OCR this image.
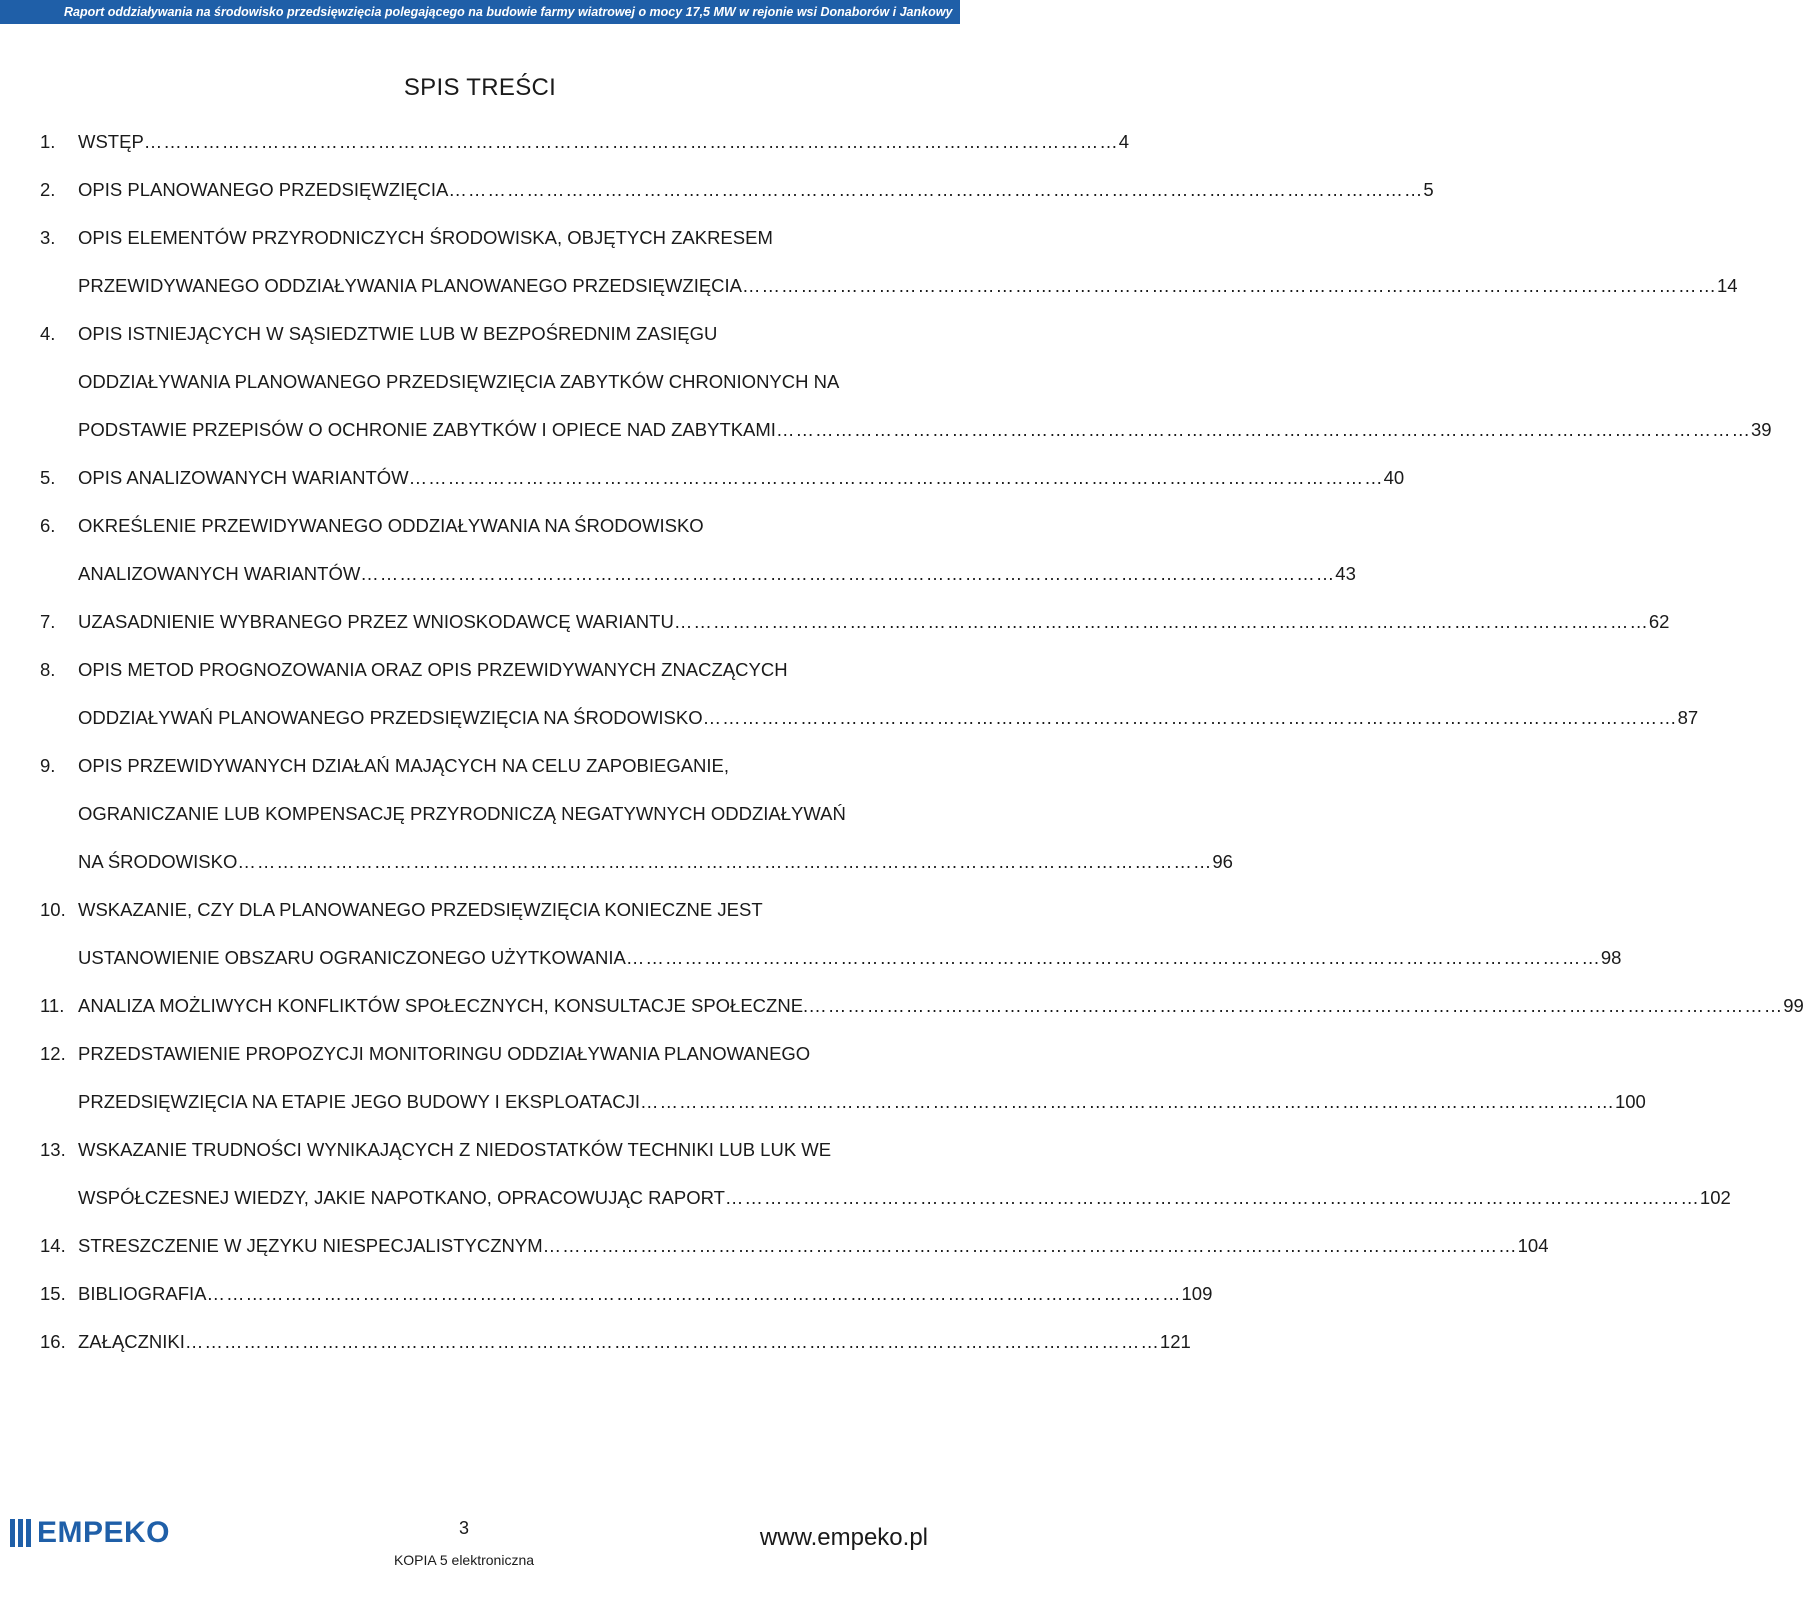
Raport oddziaływania na środowisko przedsięwzięcia polegającego na budowie farmy wiatrowej o mocy 17,5 MW w rejonie wsi Donaborów i Jankowy
SPIS TREŚCI
1.	WSTĘP ……………………………………………………………………………………………………………………………………	4
2.	OPIS PLANOWANEGO PRZEDSIĘWZIĘCIA ……………………………………………………………………………………………………………………………………	5
3.	OPIS ELEMENTÓW PRZYRODNICZYCH ŚRODOWISKA, OBJĘTYCH ZAKRESEM
PRZEWIDYWANEGO ODDZIAŁYWANIA PLANOWANEGO PRZEDSIĘWZIĘCIA ……………………………………………………………………………………………………………………………………	14
4.	OPIS ISTNIEJĄCYCH W SĄSIEDZTWIE LUB W BEZPOŚREDNIM ZASIĘGU
ODDZIAŁYWANIA PLANOWANEGO PRZEDSIĘWZIĘCIA ZABYTKÓW CHRONIONYCH NA
PODSTAWIE PRZEPISÓW O OCHRONIE ZABYTKÓW I OPIECE NAD ZABYTKAMI ……………………………………………………………………………………………………………………………………	39
5.	OPIS ANALIZOWANYCH WARIANTÓW ……………………………………………………………………………………………………………………………………	40
6.	OKREŚLENIE PRZEWIDYWANEGO ODDZIAŁYWANIA NA ŚRODOWISKO
ANALIZOWANYCH WARIANTÓW ……………………………………………………………………………………………………………………………………	43
7.	UZASADNIENIE WYBRANEGO PRZEZ WNIOSKODAWCĘ WARIANTU ……………………………………………………………………………………………………………………………………	62
8.	OPIS METOD PROGNOZOWANIA ORAZ OPIS PRZEWIDYWANYCH ZNACZĄCYCH
ODDZIAŁYWAŃ PLANOWANEGO PRZEDSIĘWZIĘCIA NA ŚRODOWISKO ……………………………………………………………………………………………………………………………………	87
9.	OPIS PRZEWIDYWANYCH DZIAŁAŃ MAJĄCYCH NA CELU ZAPOBIEGANIE,
OGRANICZANIE LUB KOMPENSACJĘ PRZYRODNICZĄ NEGATYWNYCH ODDZIAŁYWAŃ
NA ŚRODOWISKO ……………………………………………………………………………………………………………………………………	96
10. WSKAZANIE, CZY DLA PLANOWANEGO PRZEDSIĘWZIĘCIA KONIECZNE JEST
USTANOWIENIE OBSZARU OGRANICZONEGO UŻYTKOWANIA ……………………………………………………………………………………………………………………………………	98
11. ANALIZA MOŻLIWYCH KONFLIKTÓW SPOŁECZNYCH, KONSULTACJE SPOŁECZNE. ……………………………………………………………………………………………………………………………………	99
12. PRZEDSTAWIENIE PROPOZYCJI MONITORINGU ODDZIAŁYWANIA PLANOWANEGO
PRZEDSIĘWZIĘCIA NA ETAPIE JEGO BUDOWY I EKSPLOATACJI ……………………………………………………………………………………………………………………………………	100
13. WSKAZANIE TRUDNOŚCI WYNIKAJĄCYCH Z NIEDOSTATKÓW TECHNIKI LUB LUK WE
WSPÓŁCZESNEJ WIEDZY, JAKIE NAPOTKANO, OPRACOWUJĄC RAPORT ……………………………………………………………………………………………………………………………………	102
14. STRESZCZENIE W JĘZYKU NIESPECJALISTYCZNYM ……………………………………………………………………………………………………………………………………	104
15. BIBLIOGRAFIA ……………………………………………………………………………………………………………………………………	109
16. ZAŁĄCZNIKI ……………………………………………………………………………………………………………………………………	121
EMPEKO	3
KOPIA 5 elektroniczna
www.empeko.pl
